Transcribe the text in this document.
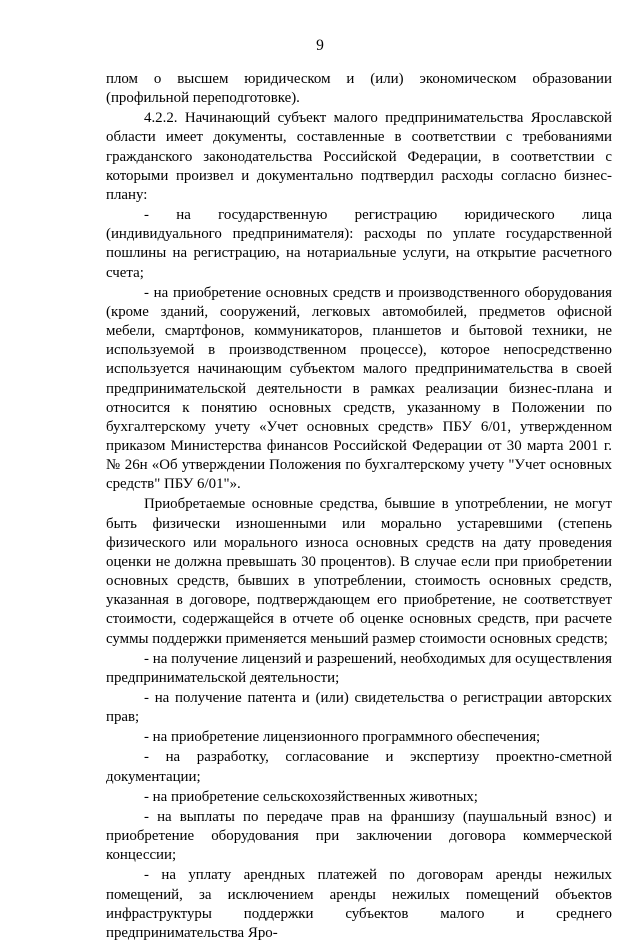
9

плом о высшем юридическом и (или) экономическом образовании (профильной переподготовке).

4.2.2. Начинающий субъект малого предпринимательства Ярославской области имеет документы, составленные в соответствии с требованиями гражданского законодательства Российской Федерации, в соответствии с которыми произвел и документально подтвердил расходы согласно бизнес-плану:

- на государственную регистрацию юридического лица (индивидуального предпринимателя): расходы по уплате государственной пошлины на регистрацию, на нотариальные услуги, на открытие расчетного счета;

- на приобретение основных средств и производственного оборудования (кроме зданий, сооружений, легковых автомобилей, предметов офисной мебели, смартфонов, коммуникаторов, планшетов и бытовой техники, не используемой в производственном процессе), которое непосредственно используется начинающим субъектом малого предпринимательства в своей предпринимательской деятельности в рамках реализации бизнес-плана и относится к понятию основных средств, указанному в Положении по бухгалтерскому учету «Учет основных средств» ПБУ 6/01, утвержденном приказом Министерства финансов Российской Федерации от 30 марта 2001 г. № 26н «Об утверждении Положения по бухгалтерскому учету "Учет основных средств" ПБУ 6/01"».

Приобретаемые основные средства, бывшие в употреблении, не могут быть физически изношенными или морально устаревшими (степень физического или морального износа основных средств на дату проведения оценки не должна превышать 30 процентов). В случае если при приобретении основных средств, бывших в употреблении, стоимость основных средств, указанная в договоре, подтверждающем его приобретение, не соответствует стоимости, содержащейся в отчете об оценке основных средств, при расчете суммы поддержки применяется меньший размер стоимости основных средств;

- на получение лицензий и разрешений, необходимых для осуществления предпринимательской деятельности;

- на получение патента и (или) свидетельства о регистрации авторских прав;

- на приобретение лицензионного программного обеспечения;

- на разработку, согласование и экспертизу проектно-сметной документации;

- на приобретение сельскохозяйственных животных;

- на выплаты по передаче прав на франшизу (паушальный взнос) и приобретение оборудования при заключении договора коммерческой концессии;

- на уплату арендных платежей по договорам аренды нежилых помещений, за исключением аренды нежилых помещений объектов инфраструктуры поддержки субъектов малого и среднего предпринимательства Яро-
